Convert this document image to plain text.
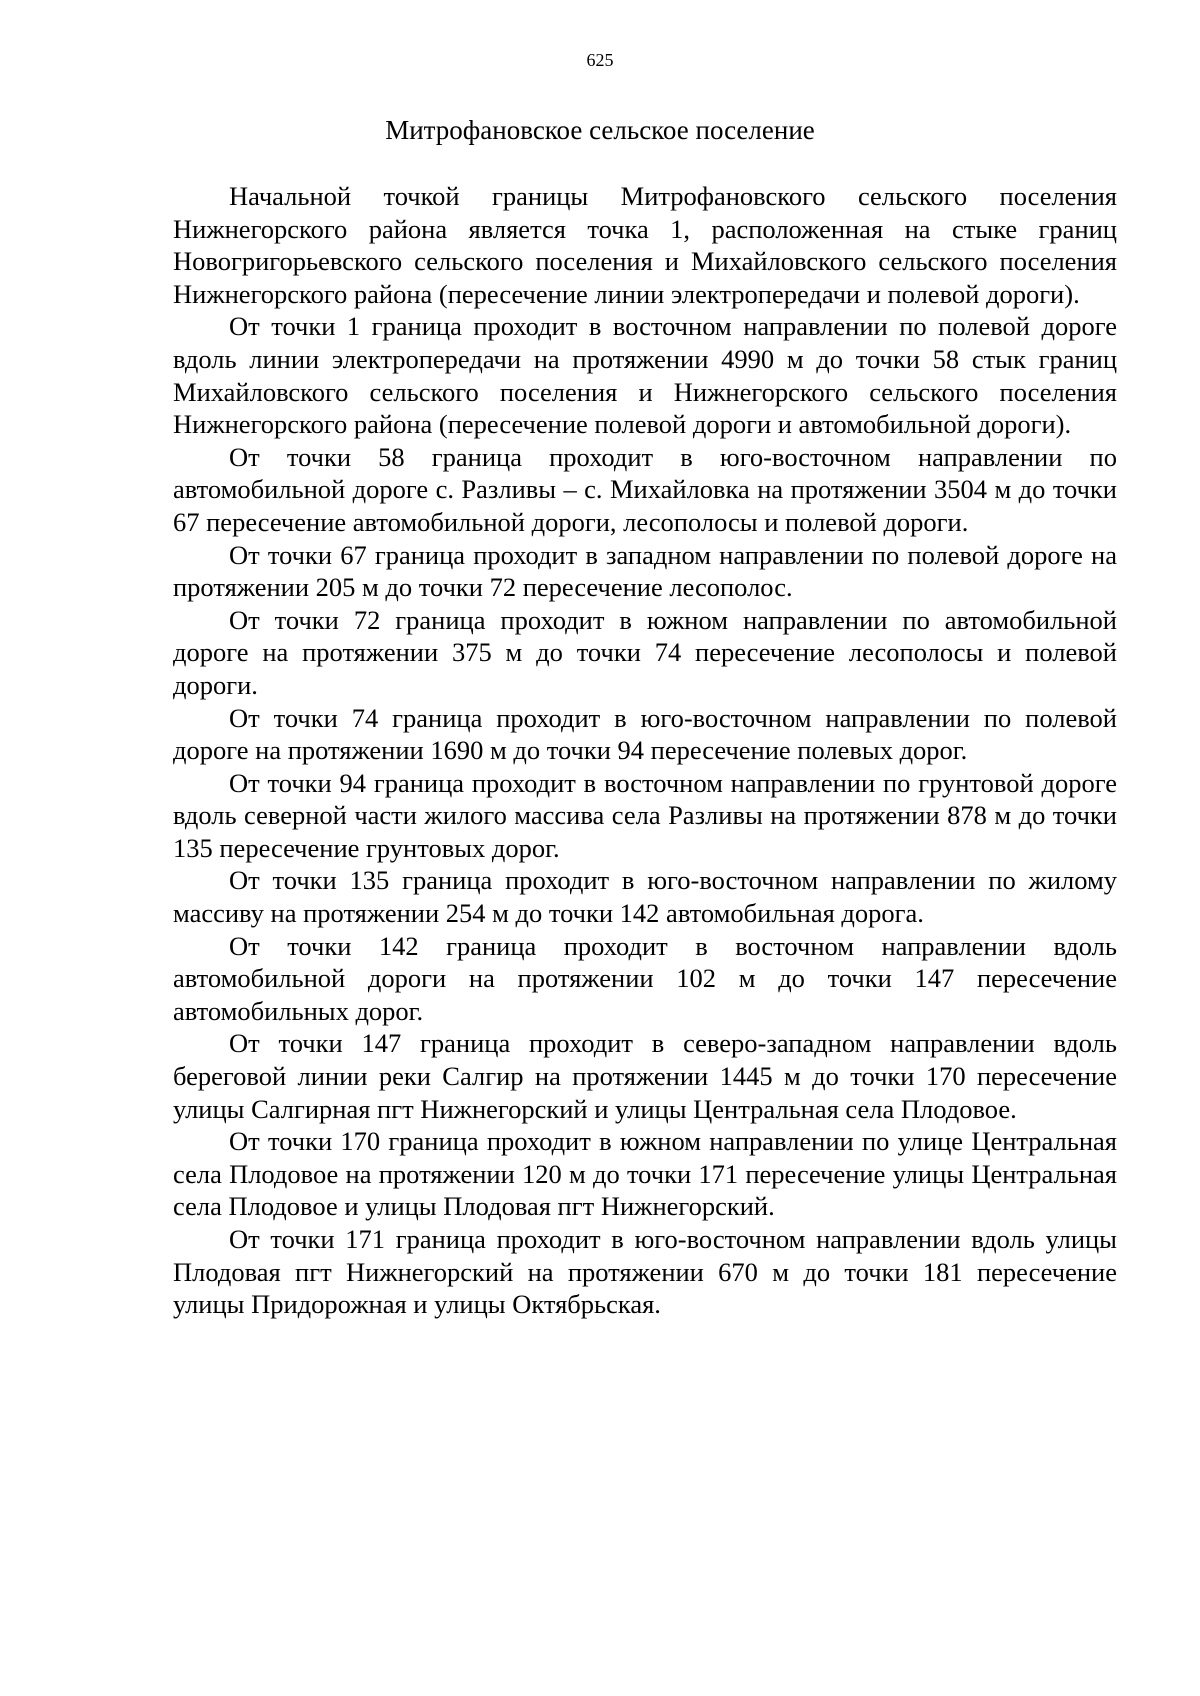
625
Митрофановское сельское поселение

Начальной точкой границы Митрофановского сельского поселения Нижнегорского района является точка 1, расположенная на стыке границ Новогригорьевского сельского поселения и Михайловского сельского поселения Нижнегорского района (пересечение линии электропередачи и полевой дороги).

От точки 1 граница проходит в восточном направлении по полевой дороге вдоль линии электропередачи на протяжении 4990 м до точки 58 стык границ Михайловского сельского поселения и Нижнегорского сельского поселения Нижнегорского района (пересечение полевой дороги и автомобильной дороги).

От точки 58 граница проходит в юго-восточном направлении по автомобильной дороге с. Разливы – с. Михайловка на протяжении 3504 м до точки 67 пересечение автомобильной дороги, лесополосы и полевой дороги.

От точки 67 граница проходит в западном направлении по полевой дороге на протяжении 205 м до точки 72 пересечение лесополос.

От точки 72 граница проходит в южном направлении по автомобильной дороге на протяжении 375 м до точки 74 пересечение лесополосы и полевой дороги.

От точки 74 граница проходит в юго-восточном направлении по полевой дороге на протяжении 1690 м до точки 94 пересечение полевых дорог.

От точки 94 граница проходит в восточном направлении по грунтовой дороге вдоль северной части жилого массива села Разливы на протяжении 878 м до точки 135 пересечение грунтовых дорог.

От точки 135 граница проходит в юго-восточном направлении по жилому массиву на протяжении 254 м до точки 142 автомобильная дорога.

От точки 142 граница проходит в восточном направлении вдоль автомобильной дороги на протяжении 102 м до точки 147 пересечение автомобильных дорог.

От точки 147 граница проходит в северо-западном направлении вдоль береговой линии реки Салгир на протяжении 1445 м до точки 170 пересечение улицы Салгирная пгт Нижнегорский и улицы Центральная села Плодовое.

От точки 170 граница проходит в южном направлении по улице Центральная села Плодовое на протяжении 120 м до точки 171 пересечение улицы Центральная села Плодовое и улицы Плодовая пгт Нижнегорский.

От точки 171 граница проходит в юго-восточном направлении вдоль улицы Плодовая пгт Нижнегорский на протяжении 670 м до точки 181 пересечение улицы Придорожная и улицы Октябрьская.
